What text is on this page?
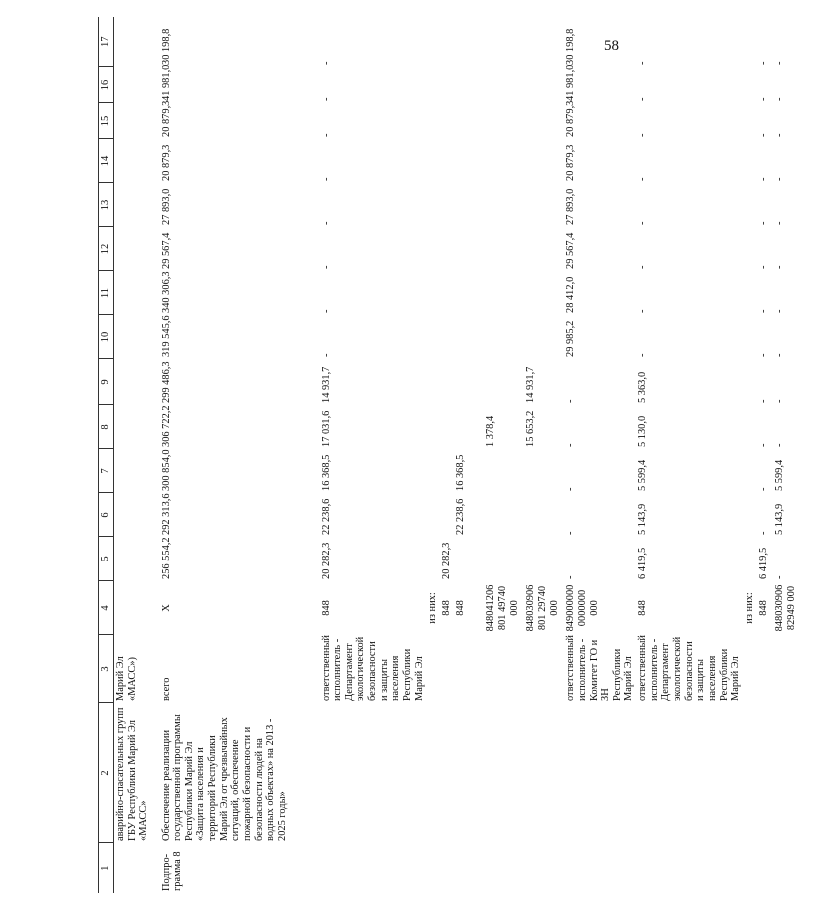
58
1	2	3	4	5	6	7	8	9	10	11	12	13	14	15	16	17
	аварийно-спасательных групп ГБУ Республики Марий Эл «МАСС»	Марий Эл «МАСС»)														
Подпро-грамма 8	Обеспечение реализации государственной программы Республики Марий Эл «Защита населения и территорий Республики Марий Эл от чрезвычайных ситуаций, обеспечение пожарной безопасности и безопасности людей на водных объектах» на 2013 - 2025 годы»	всего	Х	256 554,2	292 313,6	300 854,0	306 722,2	299 486,3	319 545,6	340 306,3	29 567,4	27 893,0	20 879,3	20 879,3	41 981,0	30 198,8
		ответственный исполнитель - Департамент экологической безопасности и защиты населения Республики Марий Эл	848	20 282,3	22 238,6	16 368,5	17 031,6	14 931,7	-	-	-	-	-	-	-	-
			из них:													
			848	20 282,3												
			848		22 238,6	16 368,5										
			848041206 801 49740 000				1 378,4									
			848030906 801 29740 000				15 653,2	14 931,7								
		ответственный исполнитель - Комитет ГО и ЗН Республики Марий Эл	849000000 0000000 000	-	-	-	-	-	29 985,2	28 412,0	29 567,4	27 893,0	20 879,3	20 879,3	41 981,0	30 198,8
		ответственный исполнитель - Департамент экологической безопасности и защиты населения Республики Марий Эл	848	6 419,5	5 143,9	5 599,4	5 130,0	5 363,0	-	-	-	-	-	-	-	-
			из них:													
			848	6 419,5	-	-	-	-	-	-	-	-	-	-	-	-
			848030906 82949 000	-	5 143,9	5 599,4	-	-	-	-	-	-	-	-	-	-
